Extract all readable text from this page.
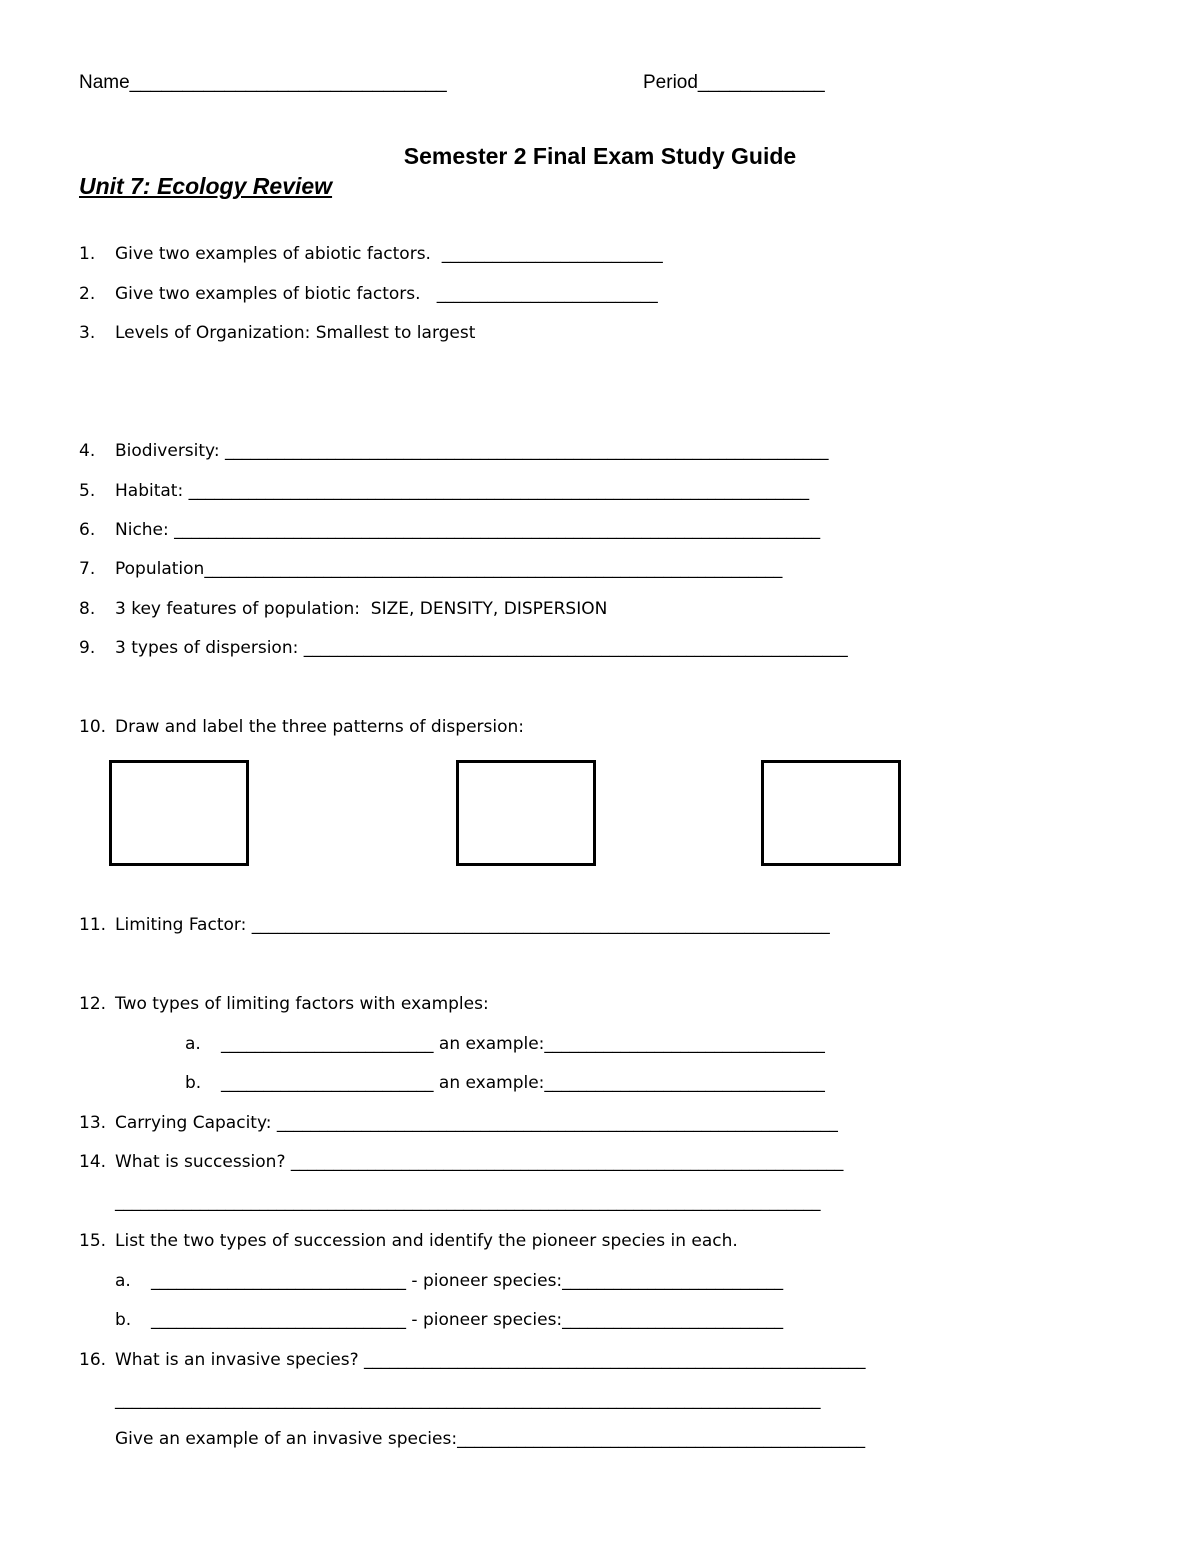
Name______________________________	Period____________
Semester 2 Final Exam Study Guide
Unit 7: Ecology Review
1. Give two examples of abiotic factors.  __________________________
2. Give two examples of biotic factors.   __________________________
3. Levels of Organization: Smallest to largest
4. Biodiversity: _______________________________________________________________________
5. Habitat: _________________________________________________________________________
6. Niche: ____________________________________________________________________________
7. Population____________________________________________________________________
8. 3 key features of population:  SIZE, DENSITY, DISPERSION
9. 3 types of dispersion: ________________________________________________________________
10. Draw and label the three patterns of dispersion:
11. Limiting Factor: ____________________________________________________________________
12. Two types of limiting factors with examples:
a. _________________________ an example:_________________________________
b. _________________________ an example:_________________________________
13. Carrying Capacity: __________________________________________________________________
14. What is succession? _________________________________________________________________
___________________________________________________________________________________
15. List the two types of succession and identify the pioneer species in each.
a. ______________________________ - pioneer species:__________________________
b. ______________________________ - pioneer species:__________________________
16. What is an invasive species? ___________________________________________________________
___________________________________________________________________________________
Give an example of an invasive species:________________________________________________
